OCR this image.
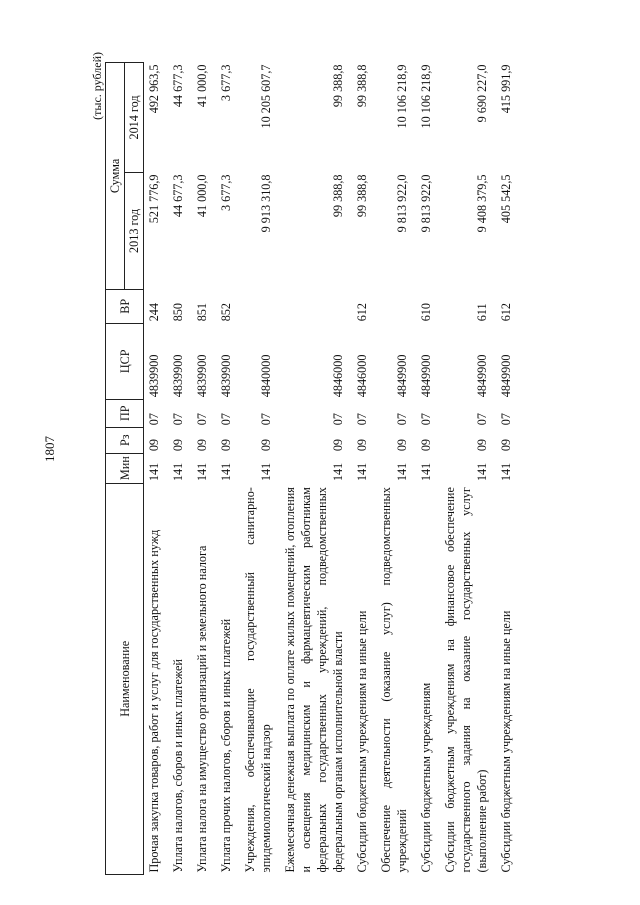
1807
(тыс. рублей)
Наименование	Мин	Рз	ПР	ЦСР	ВР	Сумма	
						2013 год	2014 год
Прочая закупка товаров, работ и услуг для государственных нужд	141	09	07	4839900	244	521 776,9	492 963,5
Уплата налогов, сборов и иных платежей	141	09	07	4839900	850	44 677,3	44 677,3
Уплата налога на имущество организаций и земельного налога	141	09	07	4839900	851	41 000,0	41 000,0
Уплата прочих налогов, сборов и иных платежей	141	09	07	4839900	852	3 677,3	3 677,3
Учреждения, обеспечивающие государственный санитарно-эпидемиологический надзор	141	09	07	4840000		9 913 310,8	10 205 607,7
Ежемесячная денежная выплата по оплате жилых помещений, отопления и освещения медицинским и фармацевтическим работникам федеральных государственных учреждений, подведомственных федеральным органам исполнительной власти	141	09	07	4846000		99 388,8	99 388,8
Субсидии бюджетным учреждениям на иные цели	141	09	07	4846000	612	99 388,8	99 388,8
Обеспечение деятельности (оказание услуг) подведомственных учреждений	141	09	07	4849900		9 813 922,0	10 106 218,9
Субсидии бюджетным учреждениям	141	09	07	4849900	610	9 813 922,0	10 106 218,9
Субсидии бюджетным учреждениям на финансовое обеспечение государственного задания на оказание государственных услуг (выполнение работ)	141	09	07	4849900	611	9 408 379,5	9 690 227,0
Субсидии бюджетным учреждениям на иные цели	141	09	07	4849900	612	405 542,5	415 991,9
